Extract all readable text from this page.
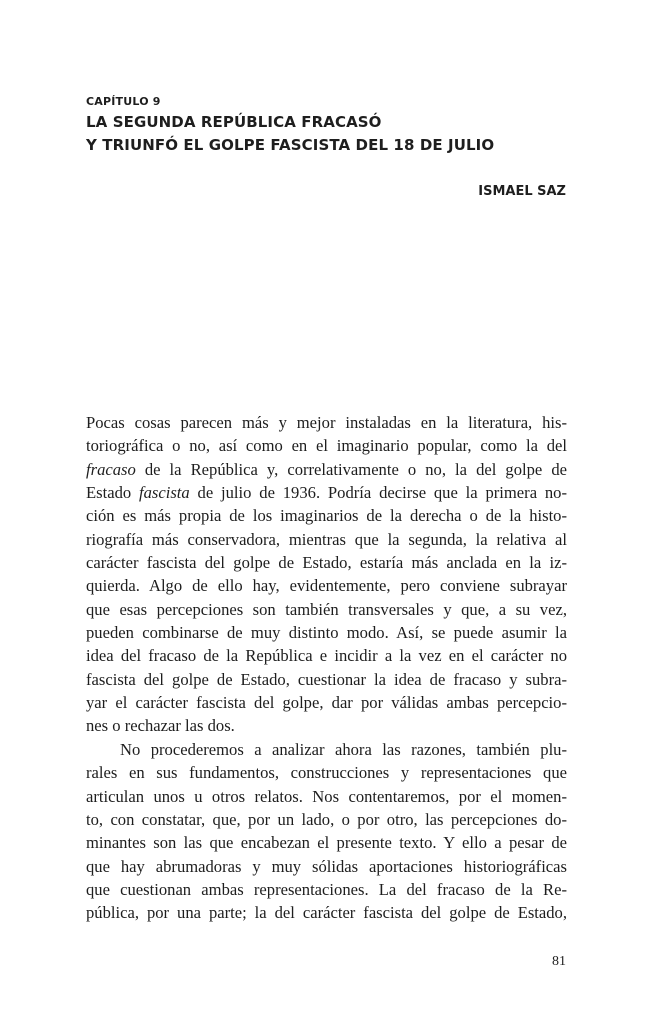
CAPÍTULO 9

LA SEGUNDA REPÚBLICA FRACASÓ
Y TRIUNFÓ EL GOLPE FASCISTA DEL 18 DE JULIO

ISMAEL SAZ

Pocas cosas parecen más y mejor instaladas en la literatura, his-
toriográfica o no, así como en el imaginario popular, como la del
fracaso de la República y, correlativamente o no, la del golpe de
Estado fascista de julio de 1936. Podría decirse que la primera no-
ción es más propia de los imaginarios de la derecha o de la histo-
riografía más conservadora, mientras que la segunda, la relativa al
carácter fascista del golpe de Estado, estaría más anclada en la iz-
quierda. Algo de ello hay, evidentemente, pero conviene subrayar
que esas percepciones son también transversales y que, a su vez,
pueden combinarse de muy distinto modo. Así, se puede asumir la
idea del fracaso de la República e incidir a la vez en el carácter no
fascista del golpe de Estado, cuestionar la idea de fracaso y subra-
yar el carácter fascista del golpe, dar por válidas ambas percepcio-
nes o rechazar las dos.

No procederemos a analizar ahora las razones, también plu-
rales en sus fundamentos, construcciones y representaciones que
articulan unos u otros relatos. Nos contentaremos, por el momen-
to, con constatar, que, por un lado, o por otro, las percepciones do-
minantes son las que encabezan el presente texto. Y ello a pesar de
que hay abrumadoras y muy sólidas aportaciones historiográficas
que cuestionan ambas representaciones. La del fracaso de la Re-
pública, por una parte; la del carácter fascista del golpe de Estado,

81
